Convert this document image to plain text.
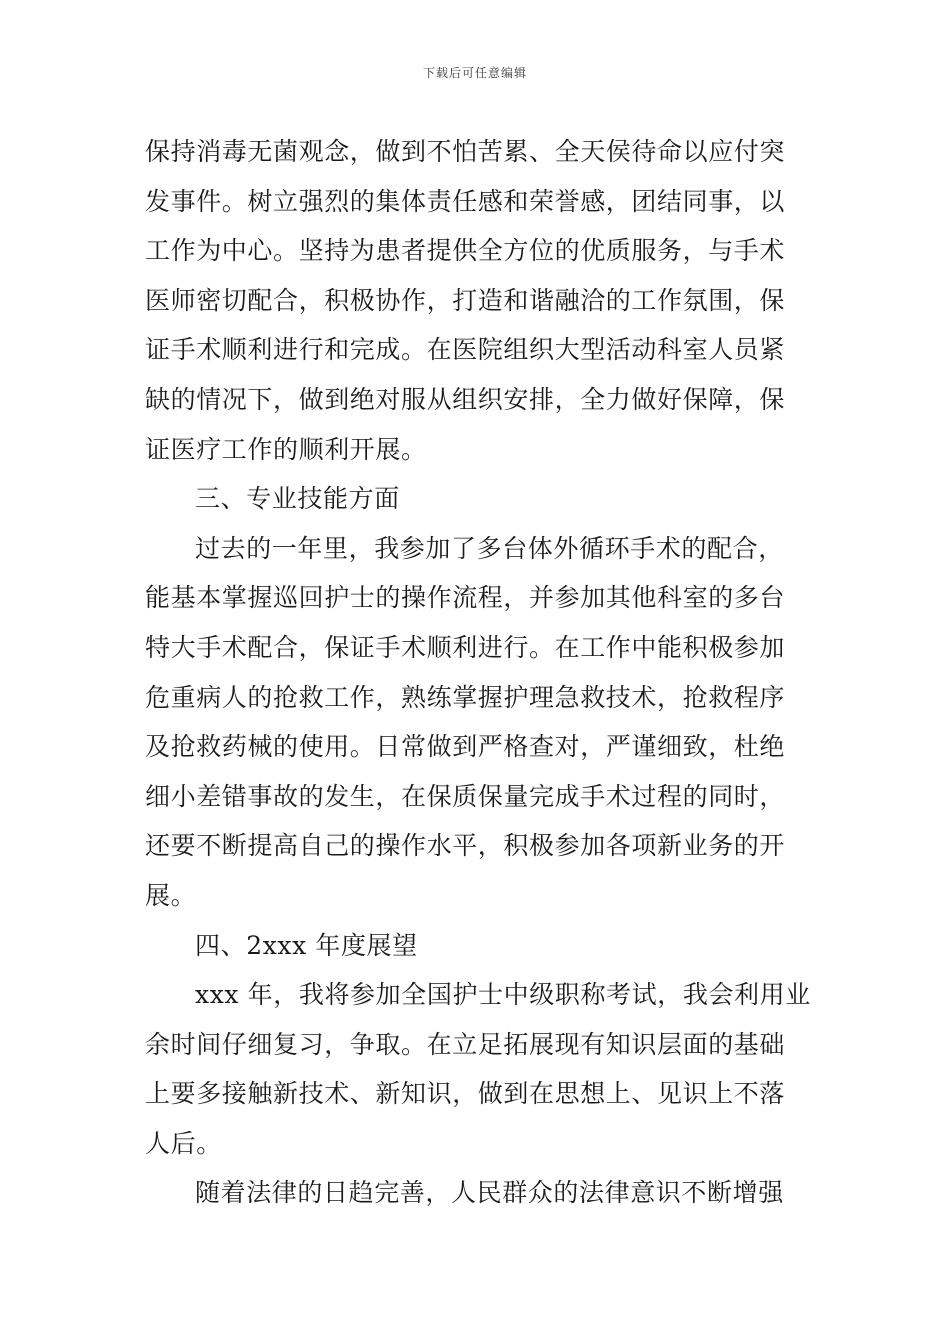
下载后可任意编辑
保持消毒无菌观念，做到不怕苦累、全天侯待命以应付突
发事件。树立强烈的集体责任感和荣誉感，团结同事，以
工作为中心。坚持为患者提供全方位的优质服务，与手术
医师密切配合，积极协作，打造和谐融洽的工作氛围，保
证手术顺利进行和完成。在医院组织大型活动科室人员紧
缺的情况下，做到绝对服从组织安排，全力做好保障，保
证医疗工作的顺利开展。
三、专业技能方面
过去的一年里，我参加了多台体外循环手术的配合，
能基本掌握巡回护士的操作流程，并参加其他科室的多台
特大手术配合，保证手术顺利进行。在工作中能积极参加
危重病人的抢救工作，熟练掌握护理急救技术，抢救程序
及抢救药械的使用。日常做到严格查对，严谨细致，杜绝
细小差错事故的发生，在保质保量完成手术过程的同时，
还要不断提高自己的操作水平，积极参加各项新业务的开
展。
四、2xxx 年度展望
xxx 年，我将参加全国护士中级职称考试，我会利用业
余时间仔细复习，争取。在立足拓展现有知识层面的基础
上要多接触新技术、新知识，做到在思想上、见识上不落
人后。
随着法律的日趋完善，人民群众的法律意识不断增强
